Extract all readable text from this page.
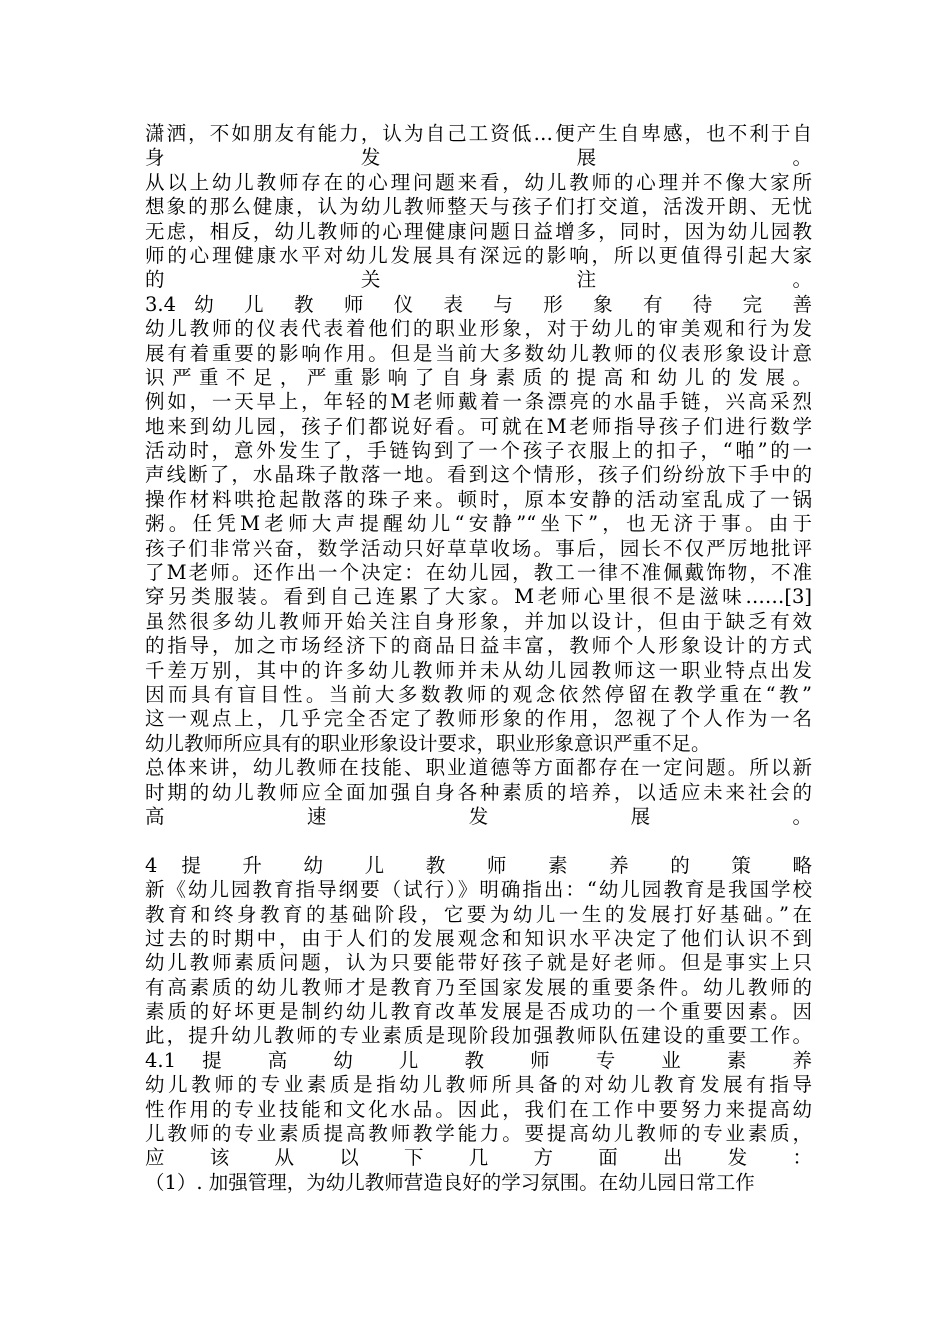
潇洒，不如朋友有能力，认为自己工资低…便产生自卑感，也不利于自
身 发 展 。
从以上幼儿教师存在的心理问题来看，幼儿教师的心理并不像大家所
想象的那么健康，认为幼儿教师整天与孩子们打交道，活泼开朗、无忧
无虑，相反，幼儿教师的心理健康问题日益增多，同时，因为幼儿园教
师的心理健康水平对幼儿发展具有深远的影响，所以更值得引起大家
的 关 注 。
3.4 幼 儿 教 师 仪 表 与 形 象 有 待 完 善
幼儿教师的仪表代表着他们的职业形象，对于幼儿的审美观和行为发
展有着重要的影响作用。但是当前大多数幼儿教师的仪表形象设计意
识 严 重 不 足 ， 严 重 影 响 了 自 身 素 质 的 提 高 和 幼 儿 的 发 展 。
例如，一天早上，年轻的M老师戴着一条漂亮的水晶手链，兴高采烈
地来到幼儿园，孩子们都说好看。可就在M老师指导孩子们进行数学
活动时，意外发生了，手链钩到了一个孩子衣服上的扣子，“啪”的一
声线断了，水晶珠子散落一地。看到这个情形，孩子们纷纷放下手中的
操作材料哄抢起散落的珠子来。顿时，原本安静的活动室乱成了一锅
粥。任凭M老师大声提醒幼儿“安静”“坐下”，也无济于事。由于
孩子们非常兴奋，数学活动只好草草收场。事后，园长不仅严厉地批评
了M老师。还作出一个决定：在幼儿园，教工一律不准佩戴饰物，不准
穿另类服装。看到自己连累了大家。M老师心里很不是滋味……[3]
虽然很多幼儿教师开始关注自身形象，并加以设计，但由于缺乏有效
的指导，加之市场经济下的商品日益丰富，教师个人形象设计的方式
千差万别，其中的许多幼儿教师并未从幼儿园教师这一职业特点出发
因而具有盲目性。当前大多数教师的观念依然停留在教学重在“教”
这一观点上，几乎完全否定了教师形象的作用，忽视了个人作为一名
幼儿教师所应具有的职业形象设计要求，职业形象意识严重不足。
总体来讲，幼儿教师在技能、职业道德等方面都存在一定问题。所以新
时期的幼儿教师应全面加强自身各种素质的培养，以适应未来社会的
高 速 发 展 。
4 提 升 幼 儿 教 师 素 养 的 策 略
新《幼儿园教育指导纲要（试行）》明确指出：“幼儿园教育是我国学校
教育和终身教育的基础阶段，它要为幼儿一生的发展打好基础。”在
过去的时期中，由于人们的发展观念和知识水平决定了他们认识不到
幼儿教师素质问题，认为只要能带好孩子就是好老师。但是事实上只
有高素质的幼儿教师才是教育乃至国家发展的重要条件。幼儿教师的
素质的好坏更是制约幼儿教育改革发展是否成功的一个重要因素。因
此，提升幼儿教师的专业素质是现阶段加强教师队伍建设的重要工作。
4.1 提 高 幼 儿 教 师 专 业 素 养
幼儿教师的专业素质是指幼儿教师所具备的对幼儿教育发展有指导
性作用的专业技能和文化水品。因此，我们在工作中要努力来提高幼
儿教师的专业素质提高教师教学能力。要提高幼儿教师的专业素质，
应 该 从 以 下 几 方 面 出 发 ：
（1）. 加强管理，为幼儿教师营造良好的学习氛围。在幼儿园日常工作
